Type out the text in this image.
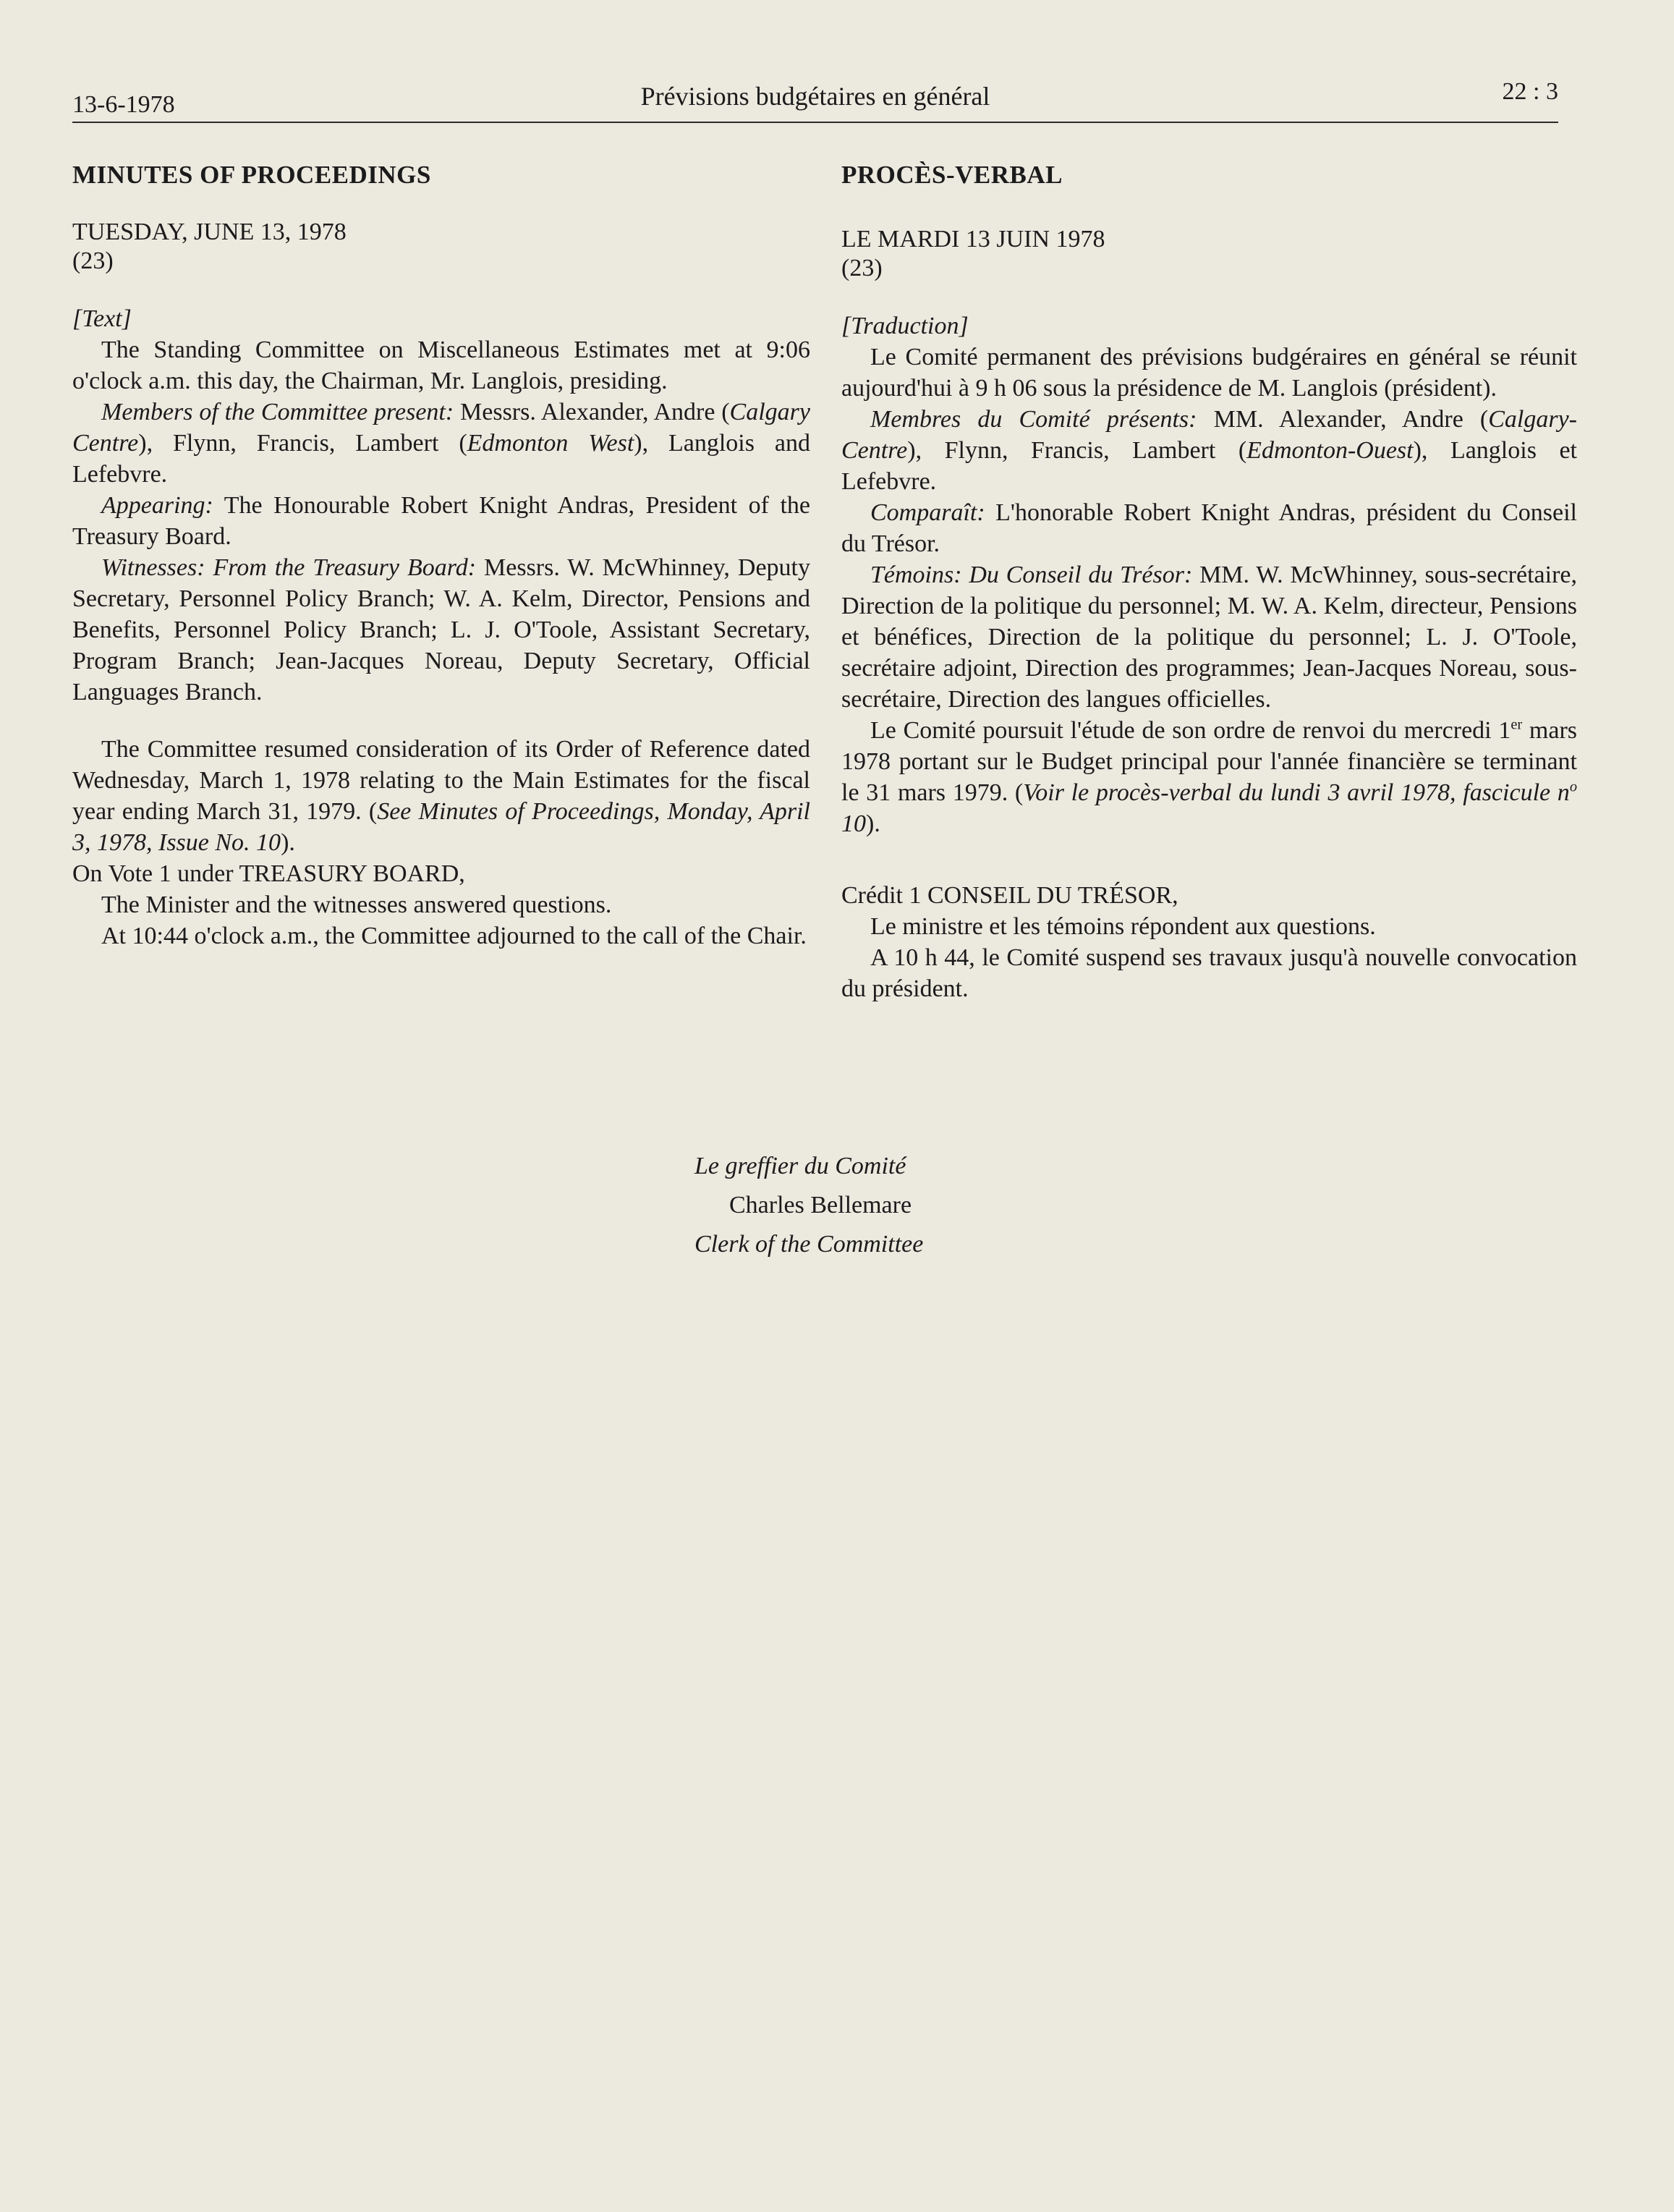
13-6-1978	Prévisions budgétaires en général	22 : 3
MINUTES OF PROCEEDINGS
TUESDAY, JUNE 13, 1978
(23)

[Text]

The Standing Committee on Miscellaneous Estimates met at 9:06 o'clock a.m. this day, the Chairman, Mr. Langlois, presiding.

Members of the Committee present: Messrs. Alexander, Andre (Calgary Centre), Flynn, Francis, Lambert (Edmonton West), Langlois and Lefebvre.

Appearing: The Honourable Robert Knight Andras, President of the Treasury Board.

Witnesses: From the Treasury Board: Messrs. W. McWhinney, Deputy Secretary, Personnel Policy Branch; W. A. Kelm, Director, Pensions and Benefits, Personnel Policy Branch; L. J. O'Toole, Assistant Secretary, Program Branch; Jean-Jacques Noreau, Deputy Secretary, Official Languages Branch.

The Committee resumed consideration of its Order of Reference dated Wednesday, March 1, 1978 relating to the Main Estimates for the fiscal year ending March 31, 1979. (See Minutes of Proceedings, Monday, April 3, 1978, Issue No. 10).

On Vote 1 under TREASURY BOARD,

The Minister and the witnesses answered questions.

At 10:44 o'clock a.m., the Committee adjourned to the call of the Chair.

PROCÈS-VERBAL
LE MARDI 13 JUIN 1978
(23)

[Traduction]

Le Comité permanent des prévisions budgéraires en général se réunit aujourd'hui à 9 h 06 sous la présidence de M. Langlois (président).

Membres du Comité présents: MM. Alexander, Andre (Calgary-Centre), Flynn, Francis, Lambert (Edmonton-Ouest), Langlois et Lefebvre.

Comparaît: L'honorable Robert Knight Andras, président du Conseil du Trésor.

Témoins: Du Conseil du Trésor: MM. W. McWhinney, sous-secrétaire, Direction de la politique du personnel; M. W. A. Kelm, directeur, Pensions et bénéfices, Direction de la politique du personnel; L. J. O'Toole, secrétaire adjoint, Direction des programmes; Jean-Jacques Noreau, sous-secrétaire, Direction des langues officielles.

Le Comité poursuit l'étude de son ordre de renvoi du mercredi 1er mars 1978 portant sur le Budget principal pour l'année financière se terminant le 31 mars 1979. (Voir le procès-verbal du lundi 3 avril 1978, fascicule $n^o$ 10).

Crédit 1 CONSEIL DU TRÉSOR,

Le ministre et les témoins répondent aux questions.

A 10 h 44, le Comité suspend ses travaux jusqu'à nouvelle convocation du président.

Le greffier du Comité
Charles Bellemare
Clerk of the Committee
